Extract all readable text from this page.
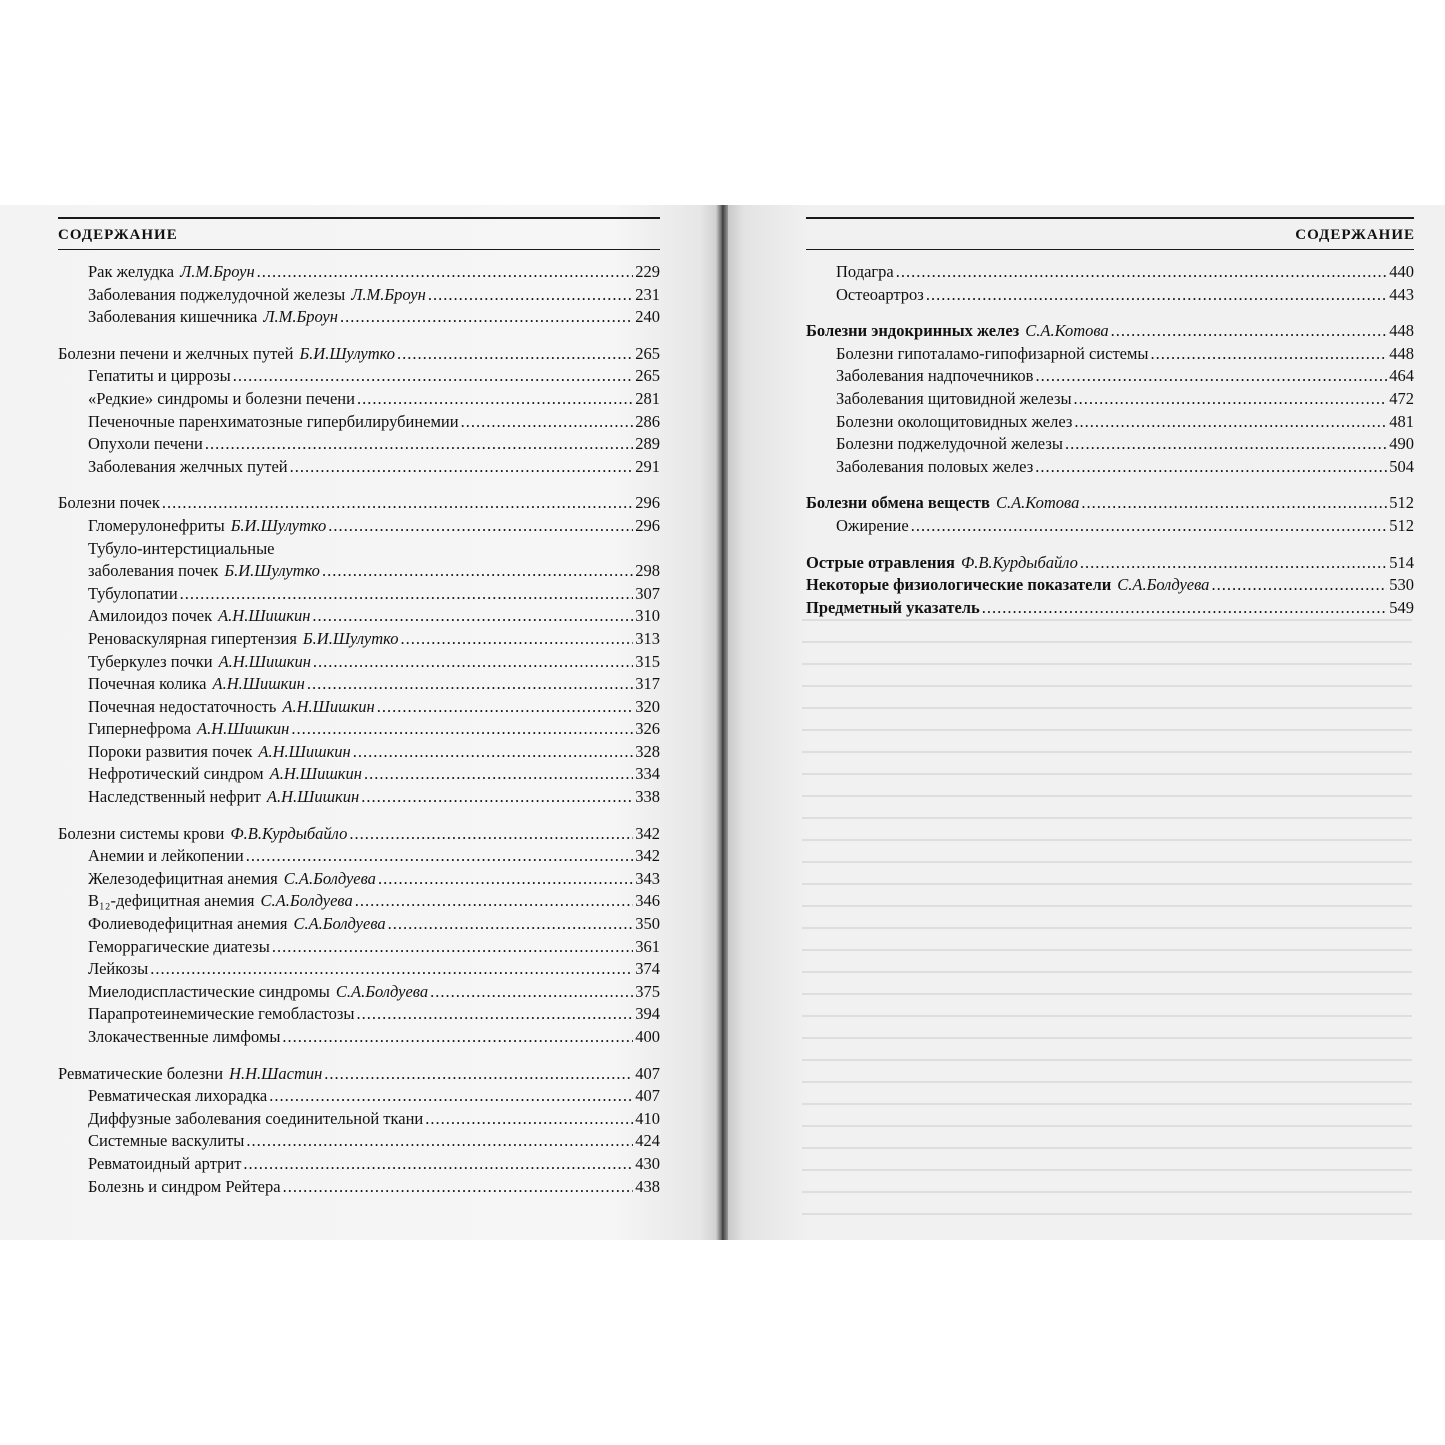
СОДЕРЖАНИЕ
Рак желудка Л.М.Броун .....	229
Заболевания поджелудочной железы Л.М.Броун .....	231
Заболевания кишечника Л.М.Броун .....	240
Болезни печени и желчных путей Б.И.Шулутко .....	265
Гепатиты и циррозы .....	265
«Редкие» синдромы и болезни печени .....	281
Печеночные паренхиматозные гипербилирубинемии .....	286
Опухоли печени .....	289
Заболевания желчных путей .....	291
Болезни почек .....	296
Гломерулонефриты Б.И.Шулутко .....	296
Тубуло-интерстициальные
заболевания почек Б.И.Шулутко .....	298
Тубулопатии .....	307
Амилоидоз почек А.Н.Шишкин .....	310
Реноваскулярная гипертензия Б.И.Шулутко .....	313
Туберкулез почки А.Н.Шишкин .....	315
Почечная колика А.Н.Шишкин .....	317
Почечная недостаточность А.Н.Шишкин .....	320
Гипернефрома А.Н.Шишкин .....	326
Пороки развития почек А.Н.Шишкин .....	328
Нефротический синдром А.Н.Шишкин .....	334
Наследственный нефрит А.Н.Шишкин .....	338
Болезни системы крови Ф.В.Курдыбайло .....	342
Анемии и лейкопении .....	342
Железодефицитная анемия С.А.Болдуева .....	343
B₁₂-дефицитная анемия С.А.Болдуева .....	346
Фолиеводефицитная анемия С.А.Болдуева .....	350
Геморрагические диатезы .....	361
Лейкозы .....	374
Миелодиспластические синдромы С.А.Болдуева .....	375
Парапротеинемические гемобластозы .....	394
Злокачественные лимфомы .....	400
Ревматические болезни Н.Н.Шастин .....	407
Ревматическая лихорадка .....	407
Диффузные заболевания соединительной ткани .....	410
Системные васкулиты .....	424
Ревматоидный артрит .....	430
Болезнь и синдром Рейтера .....	438
СОДЕРЖАНИЕ
Подагра .....	440
Остеоартроз .....	443
Болезни эндокринных желез С.А.Котова .....	448
Болезни гипоталамо-гипофизарной системы .....	448
Заболевания надпочечников .....	464
Заболевания щитовидной железы .....	472
Болезни околощитовидных желез .....	481
Болезни поджелудочной железы .....	490
Заболевания половых желез .....	504
Болезни обмена веществ С.А.Котова .....	512
Ожирение .....	512
Острые отравления Ф.В.Курдыбайло .....	514
Некоторые физиологические показатели С.А.Болдуева .....	530
Предметный указатель .....	549
